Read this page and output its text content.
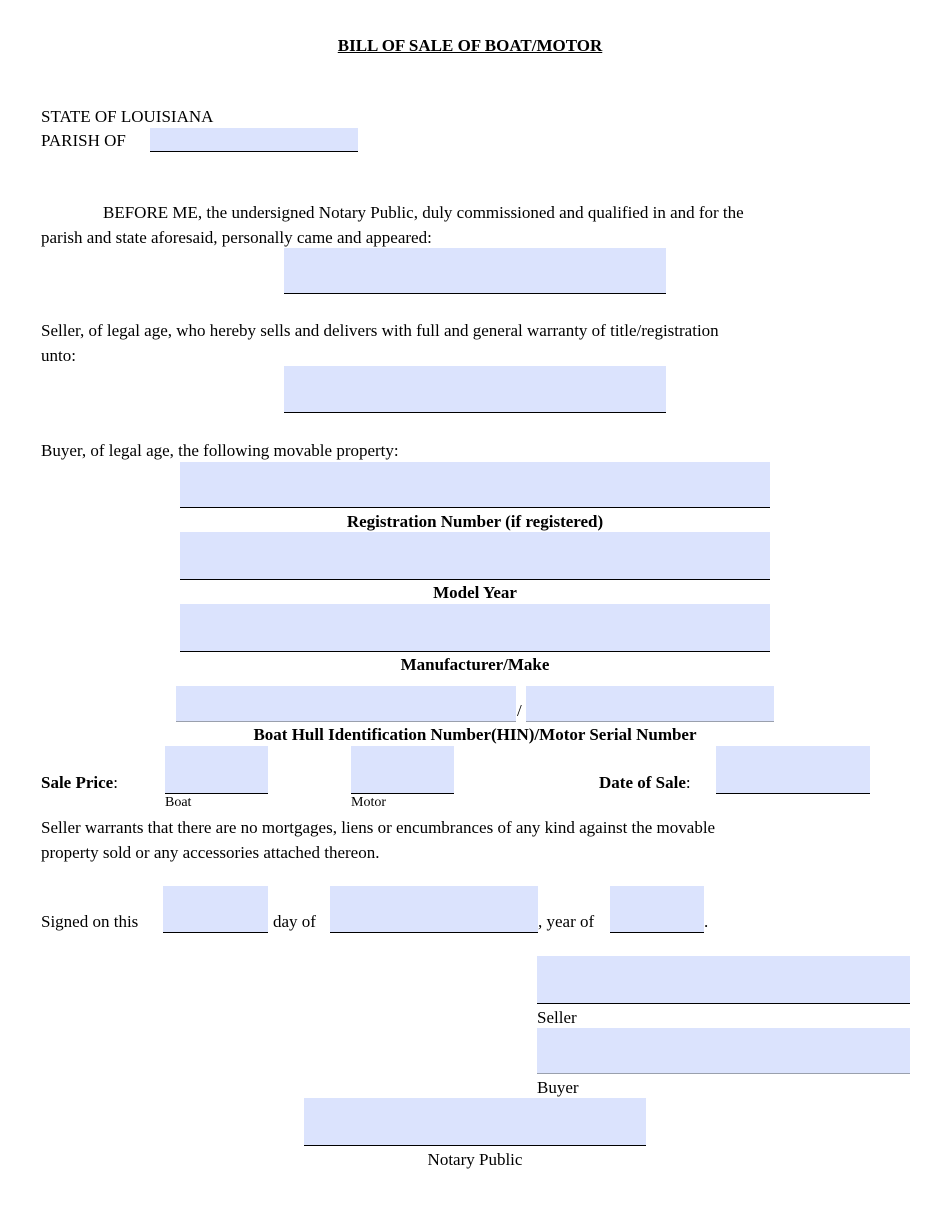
BILL OF SALE OF BOAT/MOTOR
STATE OF LOUISIANA
PARISH OF
BEFORE ME, the undersigned Notary Public, duly commissioned and qualified in and for the
parish and state aforesaid, personally came and appeared:
Seller, of legal age, who hereby sells and delivers with full and general warranty of title/registration
unto:
Buyer, of legal age, the following movable property:
Registration Number (if registered)
Model Year
Manufacturer/Make
/
Boat Hull Identification Number(HIN)/Motor Serial Number
Sale Price:
Boat	Motor
Date of Sale:
Seller warrants that there are no mortgages, liens or encumbrances of any kind against the movable
property sold or any accessories attached thereon.
Signed on this	day of	, year of	.
Seller
Buyer
Notary Public
